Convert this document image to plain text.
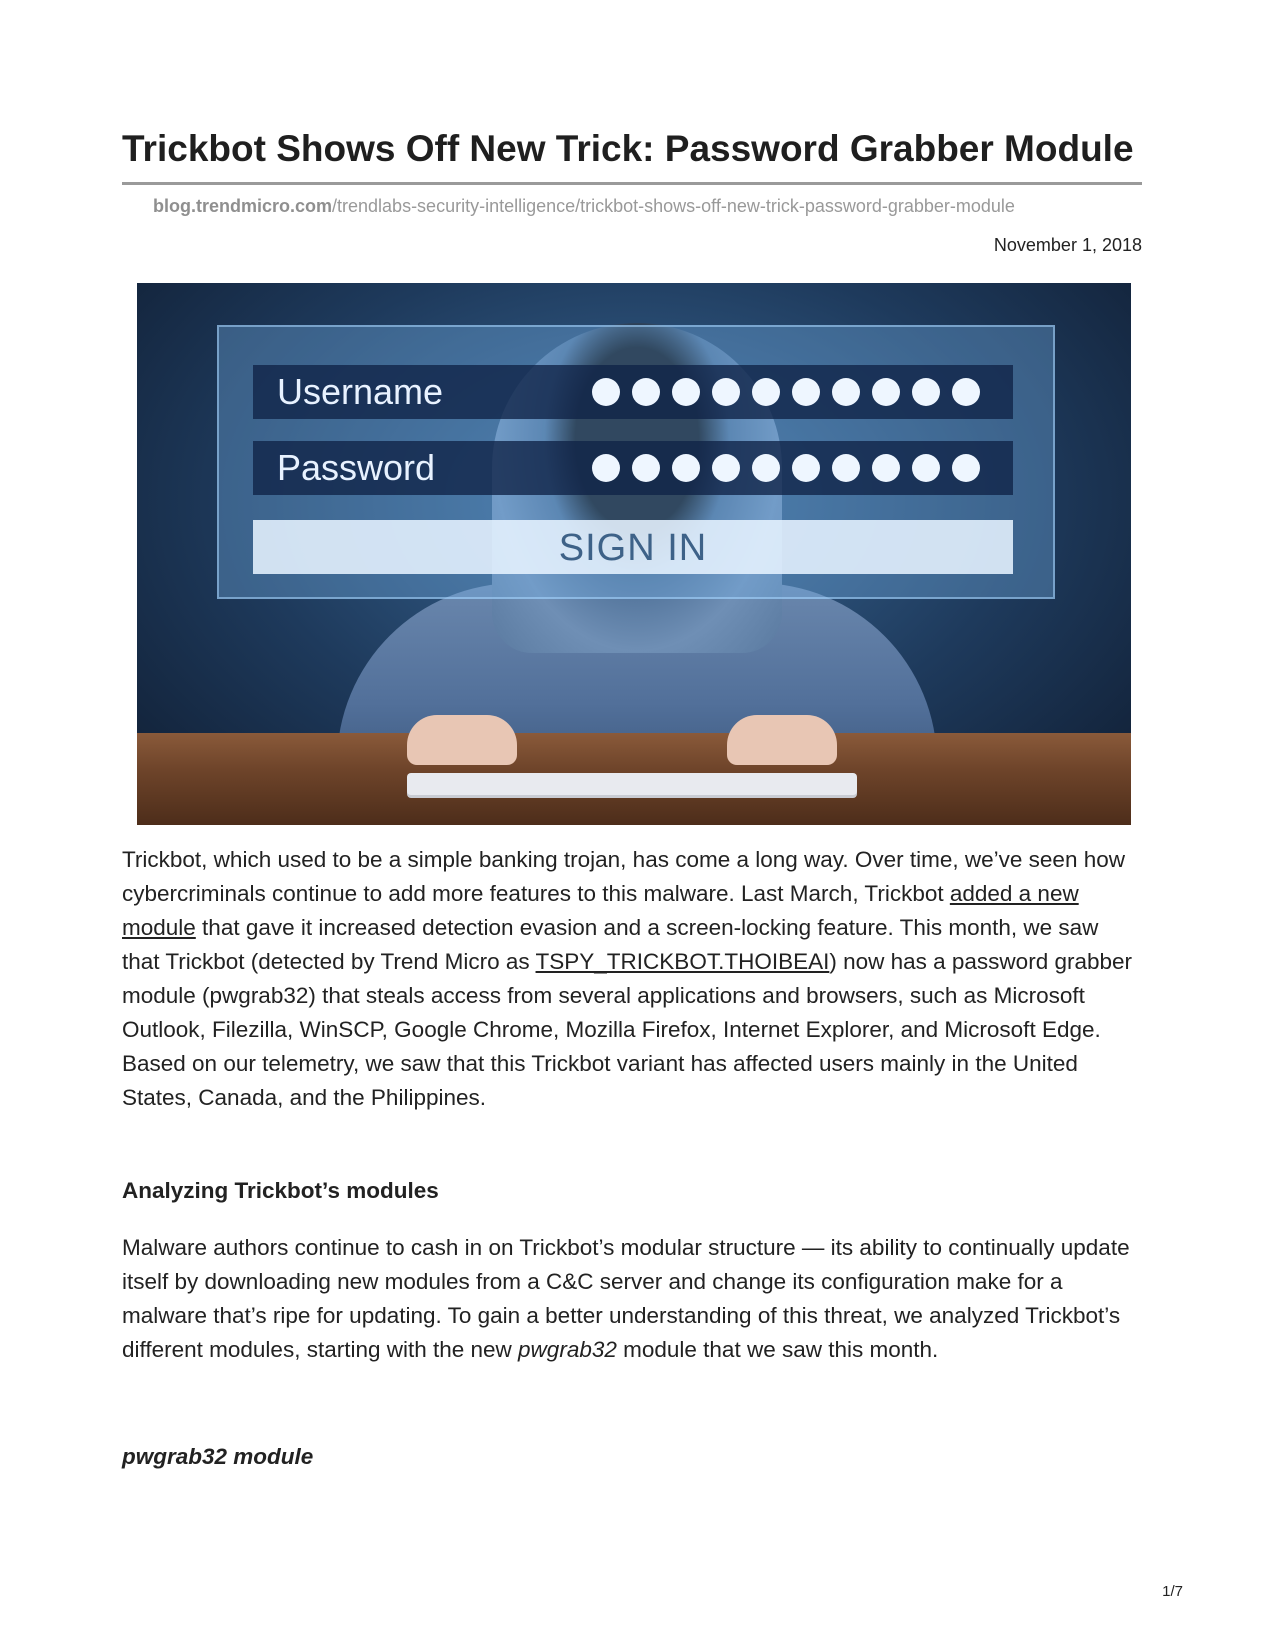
Trickbot Shows Off New Trick: Password Grabber Module
blog.trendmicro.com/trendlabs-security-intelligence/trickbot-shows-off-new-trick-password-grabber-module
November 1, 2018
Username
Password
SIGN IN

Trickbot, which used to be a simple banking trojan, has come a long way. Over time, we’ve seen how cybercriminals continue to add more features to this malware. Last March, Trickbot added a new module that gave it increased detection evasion and a screen-locking feature. This month, we saw that Trickbot (detected by Trend Micro as TSPY_TRICKBOT.THOIBEAI) now has a password grabber module (pwgrab32) that steals access from several applications and browsers, such as Microsoft Outlook, Filezilla, WinSCP, Google Chrome, Mozilla Firefox, Internet Explorer, and Microsoft Edge. Based on our telemetry, we saw that this Trickbot variant has affected users mainly in the United States, Canada, and the Philippines.

Analyzing Trickbot’s modules

Malware authors continue to cash in on Trickbot’s modular structure — its ability to continually update itself by downloading new modules from a C&C server and change its configuration make for a malware that’s ripe for updating. To gain a better understanding of this threat, we analyzed Trickbot’s different modules, starting with the new pwgrab32 module that we saw this month.

pwgrab32 module
1/7
